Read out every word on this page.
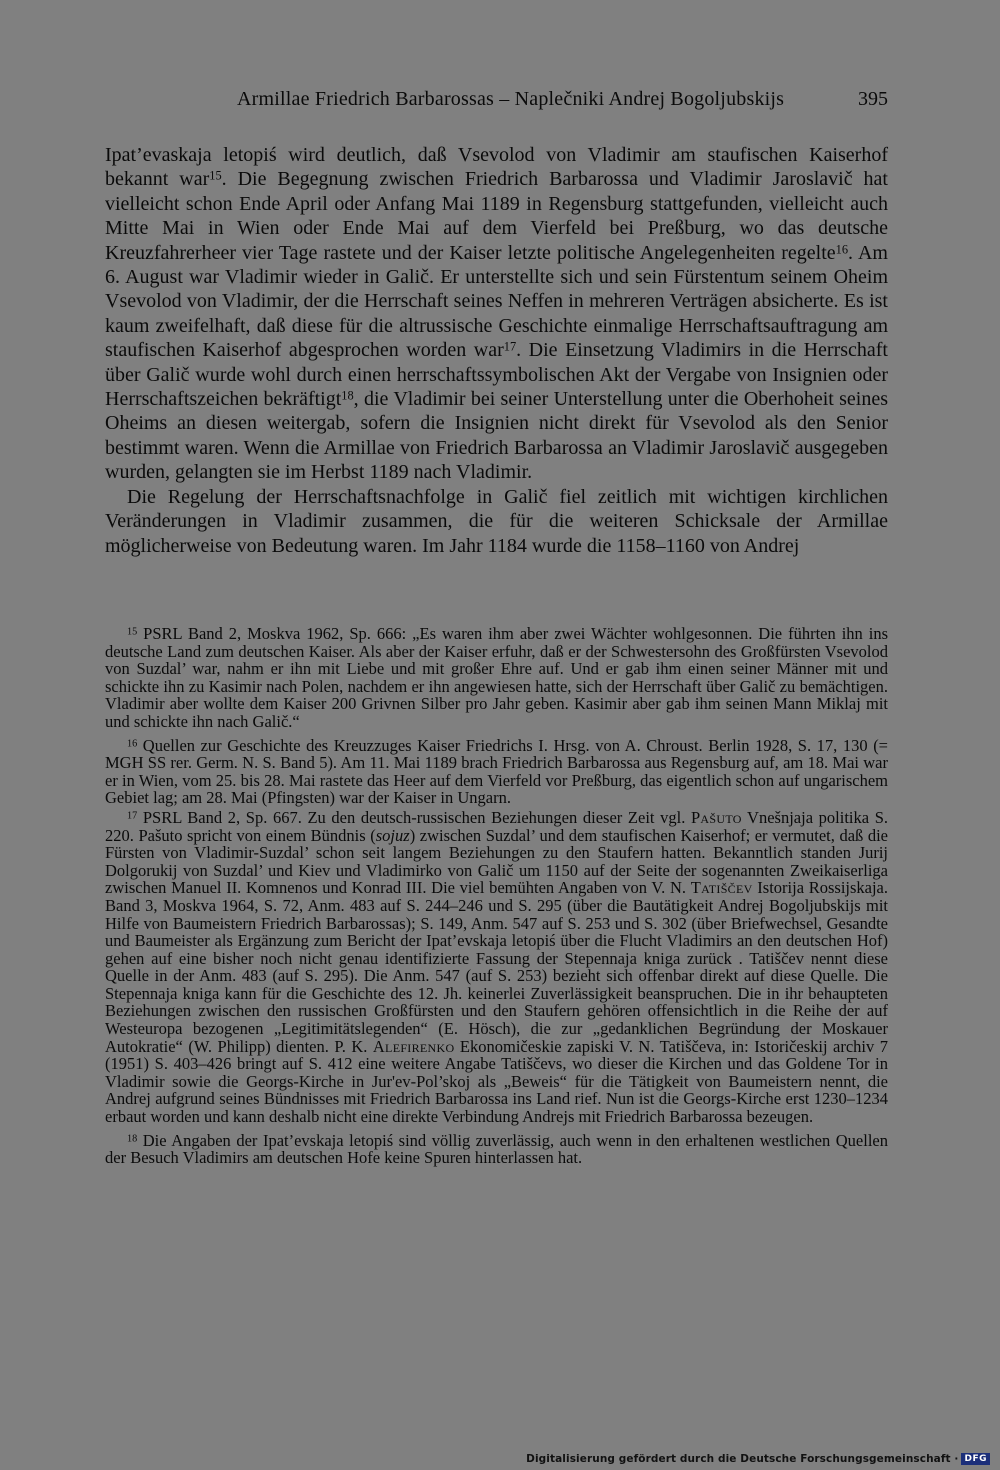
Armillae Friedrich Barbarossas – Naplečniki Andrej Bogoljubskijs	395

Ipat’evaskaja letopiś wird deutlich, daß Vsevolod von Vladimir am staufischen Kaiserhof bekannt war$^{15}$. Die Begegnung zwischen Friedrich Barbarossa und Vladimir Jaroslavič hat vielleicht schon Ende April oder Anfang Mai 1189 in Regensburg stattgefunden, vielleicht auch Mitte Mai in Wien oder Ende Mai auf dem Vierfeld bei Preßburg, wo das deutsche Kreuzfahrerheer vier Tage rastete und der Kaiser letzte politische Angelegenheiten regelte$^{16}$. Am 6. August war Vladimir wieder in Galič. Er unterstellte sich und sein Fürstentum seinem Oheim Vsevolod von Vladimir, der die Herrschaft seines Neffen in mehreren Verträgen absicherte. Es ist kaum zweifelhaft, daß diese für die altrussische Geschichte einmalige Herrschaftsauftragung am staufischen Kaiserhof abgesprochen worden war$^{17}$. Die Einsetzung Vladimirs in die Herrschaft über Galič wurde wohl durch einen herrschaftssymbolischen Akt der Vergabe von Insignien oder Herrschaftszeichen bekräftigt$^{18}$, die Vladimir bei seiner Unterstellung unter die Oberhoheit seines Oheims an diesen weitergab, sofern die Insignien nicht direkt für Vsevolod als den Senior bestimmt waren. Wenn die Armillae von Friedrich Barbarossa an Vladimir Jaroslavič ausgegeben wurden, gelangten sie im Herbst 1189 nach Vladimir.

Die Regelung der Herrschaftsnachfolge in Galič fiel zeitlich mit wichtigen kirchlichen Veränderungen in Vladimir zusammen, die für die weiteren Schicksale der Armillae möglicherweise von Bedeutung waren. Im Jahr 1184 wurde die 1158–1160 von Andrej

$^{15}$ PSRL Band 2, Moskva 1962, Sp. 666: „Es waren ihm aber zwei Wächter wohlgesonnen. Die führten ihn ins deutsche Land zum deutschen Kaiser. Als aber der Kaiser erfuhr, daß er der Schwestersohn des Großfürsten Vsevolod von Suzdal’ war, nahm er ihn mit Liebe und mit großer Ehre auf. Und er gab ihm einen seiner Männer mit und schickte ihn zu Kasimir nach Polen, nachdem er ihn angewiesen hatte, sich der Herrschaft über Galič zu bemächtigen. Vladimir aber wollte dem Kaiser 200 Grivnen Silber pro Jahr geben. Kasimir aber gab ihm seinen Mann Miklaj mit und schickte ihn nach Galič.“

$^{16}$ Quellen zur Geschichte des Kreuzzuges Kaiser Friedrichs I. Hrsg. von A. Chroust. Berlin 1928, S. 17, 130 (= MGH SS rer. Germ. N. S. Band 5). Am 11. Mai 1189 brach Friedrich Barbarossa aus Regensburg auf, am 18. Mai war er in Wien, vom 25. bis 28. Mai rastete das Heer auf dem Vierfeld vor Preßburg, das eigentlich schon auf ungarischem Gebiet lag; am 28. Mai (Pfingsten) war der Kaiser in Ungarn.

$^{17}$ PSRL Band 2, Sp. 667. Zu den deutsch-russischen Beziehungen dieser Zeit vgl. Pašuto Vnešnjaja politika S. 220. Pašuto spricht von einem Bündnis (sojuz) zwischen Suzdal’ und dem staufischen Kaiserhof; er vermutet, daß die Fürsten von Vladimir-Suzdal’ schon seit langem Beziehungen zu den Staufern hatten. Bekanntlich standen Jurij Dolgorukij von Suzdal’ und Kiev und Vladimirko von Galič um 1150 auf der Seite der sogenannten Zweikaiserliga zwischen Manuel II. Komnenos und Konrad III. Die viel bemühten Angaben von V. N. Tatiščev Istorija Rossijskaja. Band 3, Moskva 1964, S. 72, Anm. 483 auf S. 244–246 und S. 295 (über die Bautätigkeit Andrej Bogoljubskijs mit Hilfe von Baumeistern Friedrich Barbarossas); S. 149, Anm. 547 auf S. 253 und S. 302 (über Briefwechsel, Gesandte und Baumeister als Ergänzung zum Bericht der Ipat’evskaja letopiś über die Flucht Vladimirs an den deutschen Hof) gehen auf eine bisher noch nicht genau identifizierte Fassung der Stepennaja kniga zurück . Tatiščev nennt diese Quelle in der Anm. 483 (auf S. 295). Die Anm. 547 (auf S. 253) bezieht sich offenbar direkt auf diese Quelle. Die Stepennaja kniga kann für die Geschichte des 12. Jh. keinerlei Zuverlässigkeit beanspruchen. Die in ihr behaupteten Beziehungen zwischen den russischen Großfürsten und den Staufern gehören offensichtlich in die Reihe der auf Westeuropa bezogenen „Legitimitätslegenden“ (E. Hösch), die zur „gedanklichen Begründung der Moskauer Autokratie“ (W. Philipp) dienten. P. K. Alefirenko Ekonomičeskie zapiski V. N. Tatiščeva, in: Istoričeskij archiv 7 (1951) S. 403–426 bringt auf S. 412 eine weitere Angabe Tatiščevs, wo dieser die Kirchen und das Goldene Tor in Vladimir sowie die Georgs-Kirche in Jur'ev-Pol’skoj als „Beweis“ für die Tätigkeit von Baumeistern nennt, die Andrej aufgrund seines Bündnisses mit Friedrich Barbarossa ins Land rief. Nun ist die Georgs-Kirche erst 1230–1234 erbaut worden und kann deshalb nicht eine direkte Verbindung Andrejs mit Friedrich Barbarossa bezeugen.

$^{18}$ Die Angaben der Ipat’evskaja letopiś sind völlig zuverlässig, auch wenn in den erhaltenen westlichen Quellen der Besuch Vladimirs am deutschen Hofe keine Spuren hinterlassen hat.

Digitalisierung gefördert durch die Deutsche Forschungsgemeinschaft · DFG
